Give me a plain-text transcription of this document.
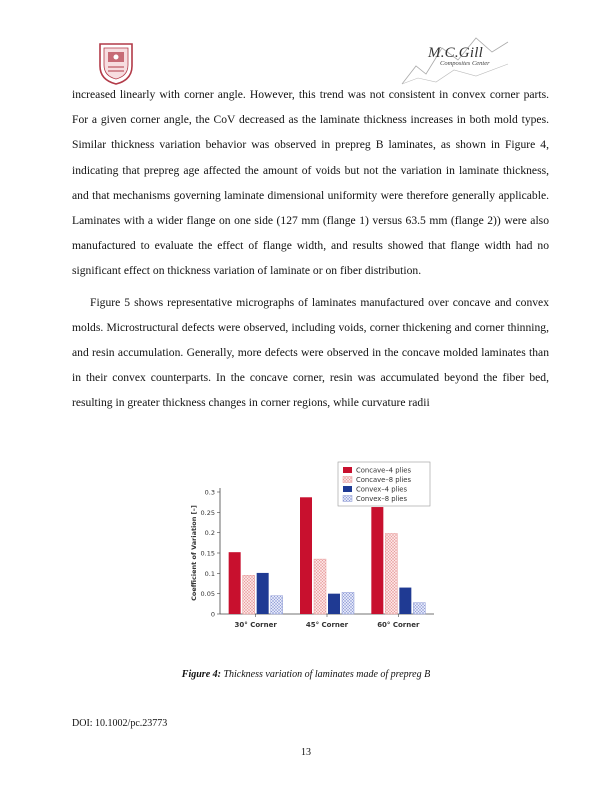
M.C.Gill
Composites Center

increased linearly with corner angle. However, this trend was not consistent in convex corner parts. For a given corner angle, the CoV decreased as the laminate thickness increases in both mold types. Similar thickness variation behavior was observed in prepreg B laminates, as shown in Figure 4, indicating that prepreg age affected the amount of voids but not the variation in laminate thickness, and that mechanisms governing laminate dimensional uniformity were therefore generally applicable. Laminates with a wider flange on one side (127 mm (flange 1) versus 63.5 mm (flange 2)) were also manufactured to evaluate the effect of flange width, and results showed that flange width had no significant effect on thickness variation of laminate or on fiber distribution.

Figure 5 shows representative micrographs of laminates manufactured over concave and convex molds. Microstructural defects were observed, including voids, corner thickening and corner thinning, and resin accumulation. Generally, more defects were observed in the concave molded laminates than in their convex counterparts. In the concave corner, resin was accumulated beyond the fiber bed, resulting in greater thickness changes in corner regions, while curvature radii

0
0.05
0.1
0.15
0.2
0.25
0.3
Coefficient of Variation [–]
30° Corner	45° Corner	60° Corner
Concave–4 plies
Concave–8 plies
Convex–4 plies
Convex–8 plies
Figure 4: Thickness variation of laminates made of prepreg B
DOI: 10.1002/pc.23773
13
